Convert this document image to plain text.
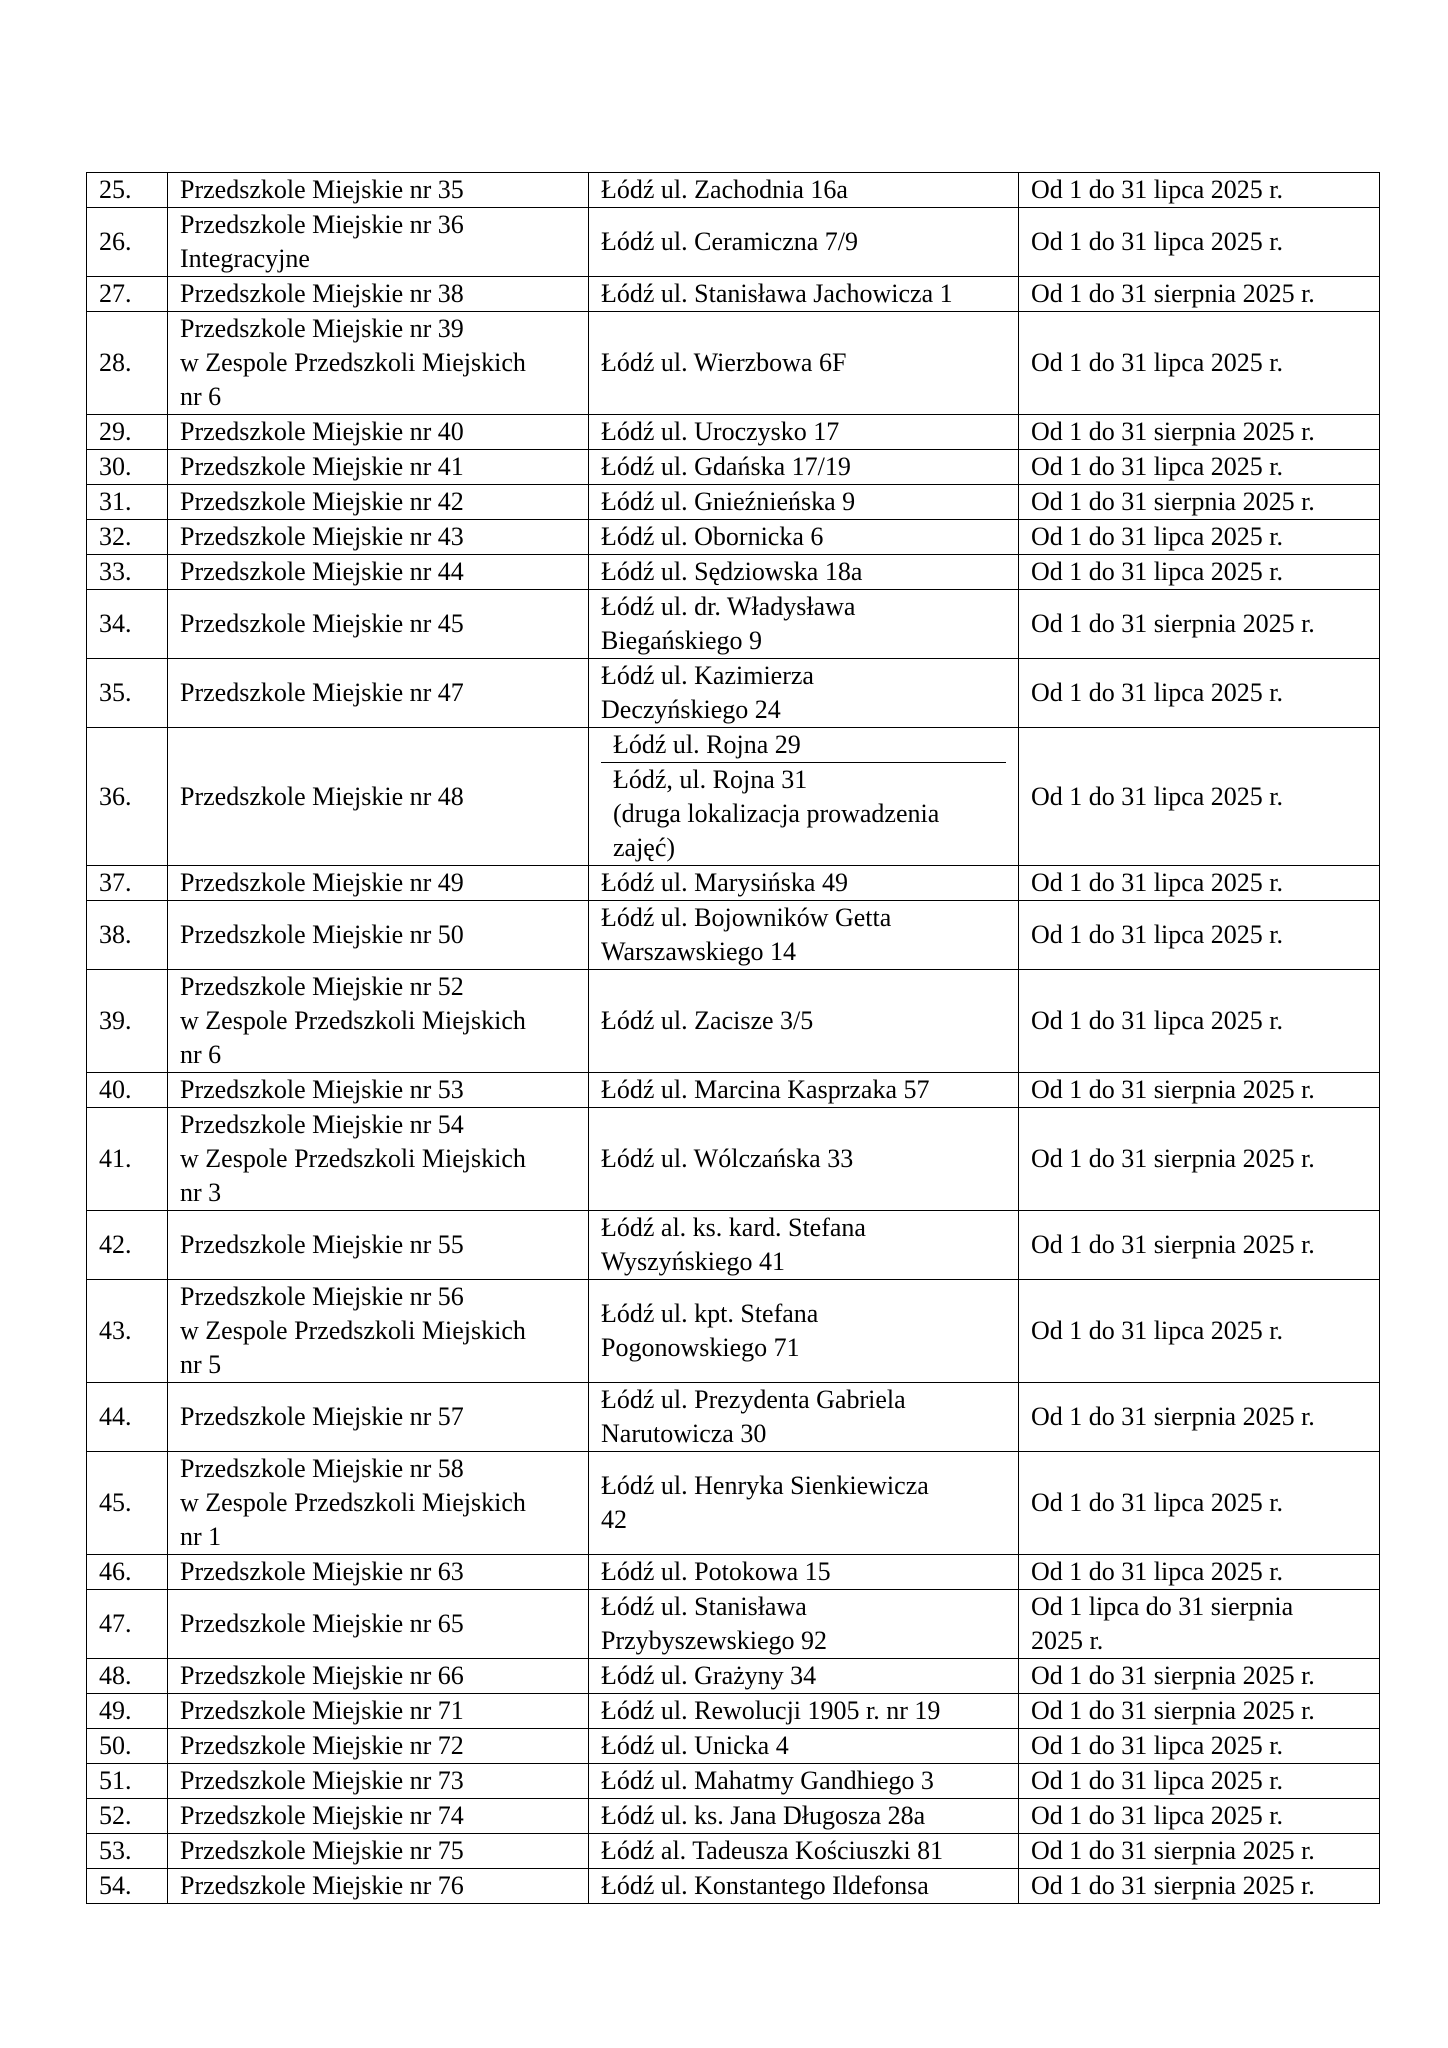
25.	Przedszkole Miejskie nr 35	Łódź ul. Zachodnia 16a	Od 1 do 31 lipca 2025 r.

26.	Przedszkole Miejskie nr 36
Integracyjne	Łódź ul. Ceramiczna 7/9	Od 1 do 31 lipca 2025 r.

27.	Przedszkole Miejskie nr 38	Łódź ul. Stanisława Jachowicza 1	Od 1 do 31 sierpnia 2025 r.

28.	Przedszkole Miejskie nr 39
w Zespole Przedszkoli Miejskich
nr 6	Łódź ul. Wierzbowa 6F	Od 1 do 31 lipca 2025 r.

29.	Przedszkole Miejskie nr 40	Łódź ul. Uroczysko 17	Od 1 do 31 sierpnia 2025 r.

30.	Przedszkole Miejskie nr 41	Łódź ul. Gdańska 17/19	Od 1 do 31 lipca 2025 r.

31.	Przedszkole Miejskie nr 42	Łódź ul. Gnieźnieńska 9	Od 1 do 31 sierpnia 2025 r.

32.	Przedszkole Miejskie nr 43	Łódź ul. Obornicka 6	Od 1 do 31 lipca 2025 r.

33.	Przedszkole Miejskie nr 44	Łódź ul. Sędziowska 18a	Od 1 do 31 lipca 2025 r.

34.	Przedszkole Miejskie nr 45	Łódź ul. dr. Władysława
Biegańskiego 9	Od 1 do 31 sierpnia 2025 r.

35.	Przedszkole Miejskie nr 47	Łódź ul. Kazimierza
Deczyńskiego 24	Od 1 do 31 lipca 2025 r.

36.	Przedszkole Miejskie nr 48	Łódź ul. Rojna 29
Łódź, ul. Rojna 31
(druga lokalizacja prowadzenia
zajęć)	Od 1 do 31 lipca 2025 r.

37.	Przedszkole Miejskie nr 49	Łódź ul. Marysińska 49	Od 1 do 31 lipca 2025 r.

38.	Przedszkole Miejskie nr 50	Łódź ul. Bojowników Getta
Warszawskiego 14	Od 1 do 31 lipca 2025 r.

39.	Przedszkole Miejskie nr 52
w Zespole Przedszkoli Miejskich
nr 6	Łódź ul. Zacisze 3/5	Od 1 do 31 lipca 2025 r.

40.	Przedszkole Miejskie nr 53	Łódź ul. Marcina Kasprzaka 57	Od 1 do 31 sierpnia 2025 r.

41.	Przedszkole Miejskie nr 54
w Zespole Przedszkoli Miejskich
nr 3	Łódź ul. Wólczańska 33	Od 1 do 31 sierpnia 2025 r.

42.	Przedszkole Miejskie nr 55	Łódź al. ks. kard. Stefana
Wyszyńskiego 41	Od 1 do 31 sierpnia 2025 r.

43.	Przedszkole Miejskie nr 56
w Zespole Przedszkoli Miejskich
nr 5	Łódź ul. kpt. Stefana
Pogonowskiego 71	Od 1 do 31 lipca 2025 r.

44.	Przedszkole Miejskie nr 57	Łódź ul. Prezydenta Gabriela
Narutowicza 30	Od 1 do 31 sierpnia 2025 r.

45.	Przedszkole Miejskie nr 58
w Zespole Przedszkoli Miejskich
nr 1	Łódź ul. Henryka Sienkiewicza
42	Od 1 do 31 lipca 2025 r.

46.	Przedszkole Miejskie nr 63	Łódź ul. Potokowa 15	Od 1 do 31 lipca 2025 r.

47.	Przedszkole Miejskie nr 65	Łódź ul. Stanisława
Przybyszewskiego 92	Od 1 lipca do 31 sierpnia
2025 r.

48.	Przedszkole Miejskie nr 66	Łódź ul. Grażyny 34	Od 1 do 31 sierpnia 2025 r.

49.	Przedszkole Miejskie nr 71	Łódź ul. Rewolucji 1905 r. nr 19	Od 1 do 31 sierpnia 2025 r.

50.	Przedszkole Miejskie nr 72	Łódź ul. Unicka 4	Od 1 do 31 lipca 2025 r.

51.	Przedszkole Miejskie nr 73	Łódź ul. Mahatmy Gandhiego 3	Od 1 do 31 lipca 2025 r.

52.	Przedszkole Miejskie nr 74	Łódź ul. ks. Jana Długosza 28a	Od 1 do 31 lipca 2025 r.

53.	Przedszkole Miejskie nr 75	Łódź al. Tadeusza Kościuszki 81	Od 1 do 31 sierpnia 2025 r.

54.	Przedszkole Miejskie nr 76	Łódź ul. Konstantego Ildefonsa	Od 1 do 31 sierpnia 2025 r.
